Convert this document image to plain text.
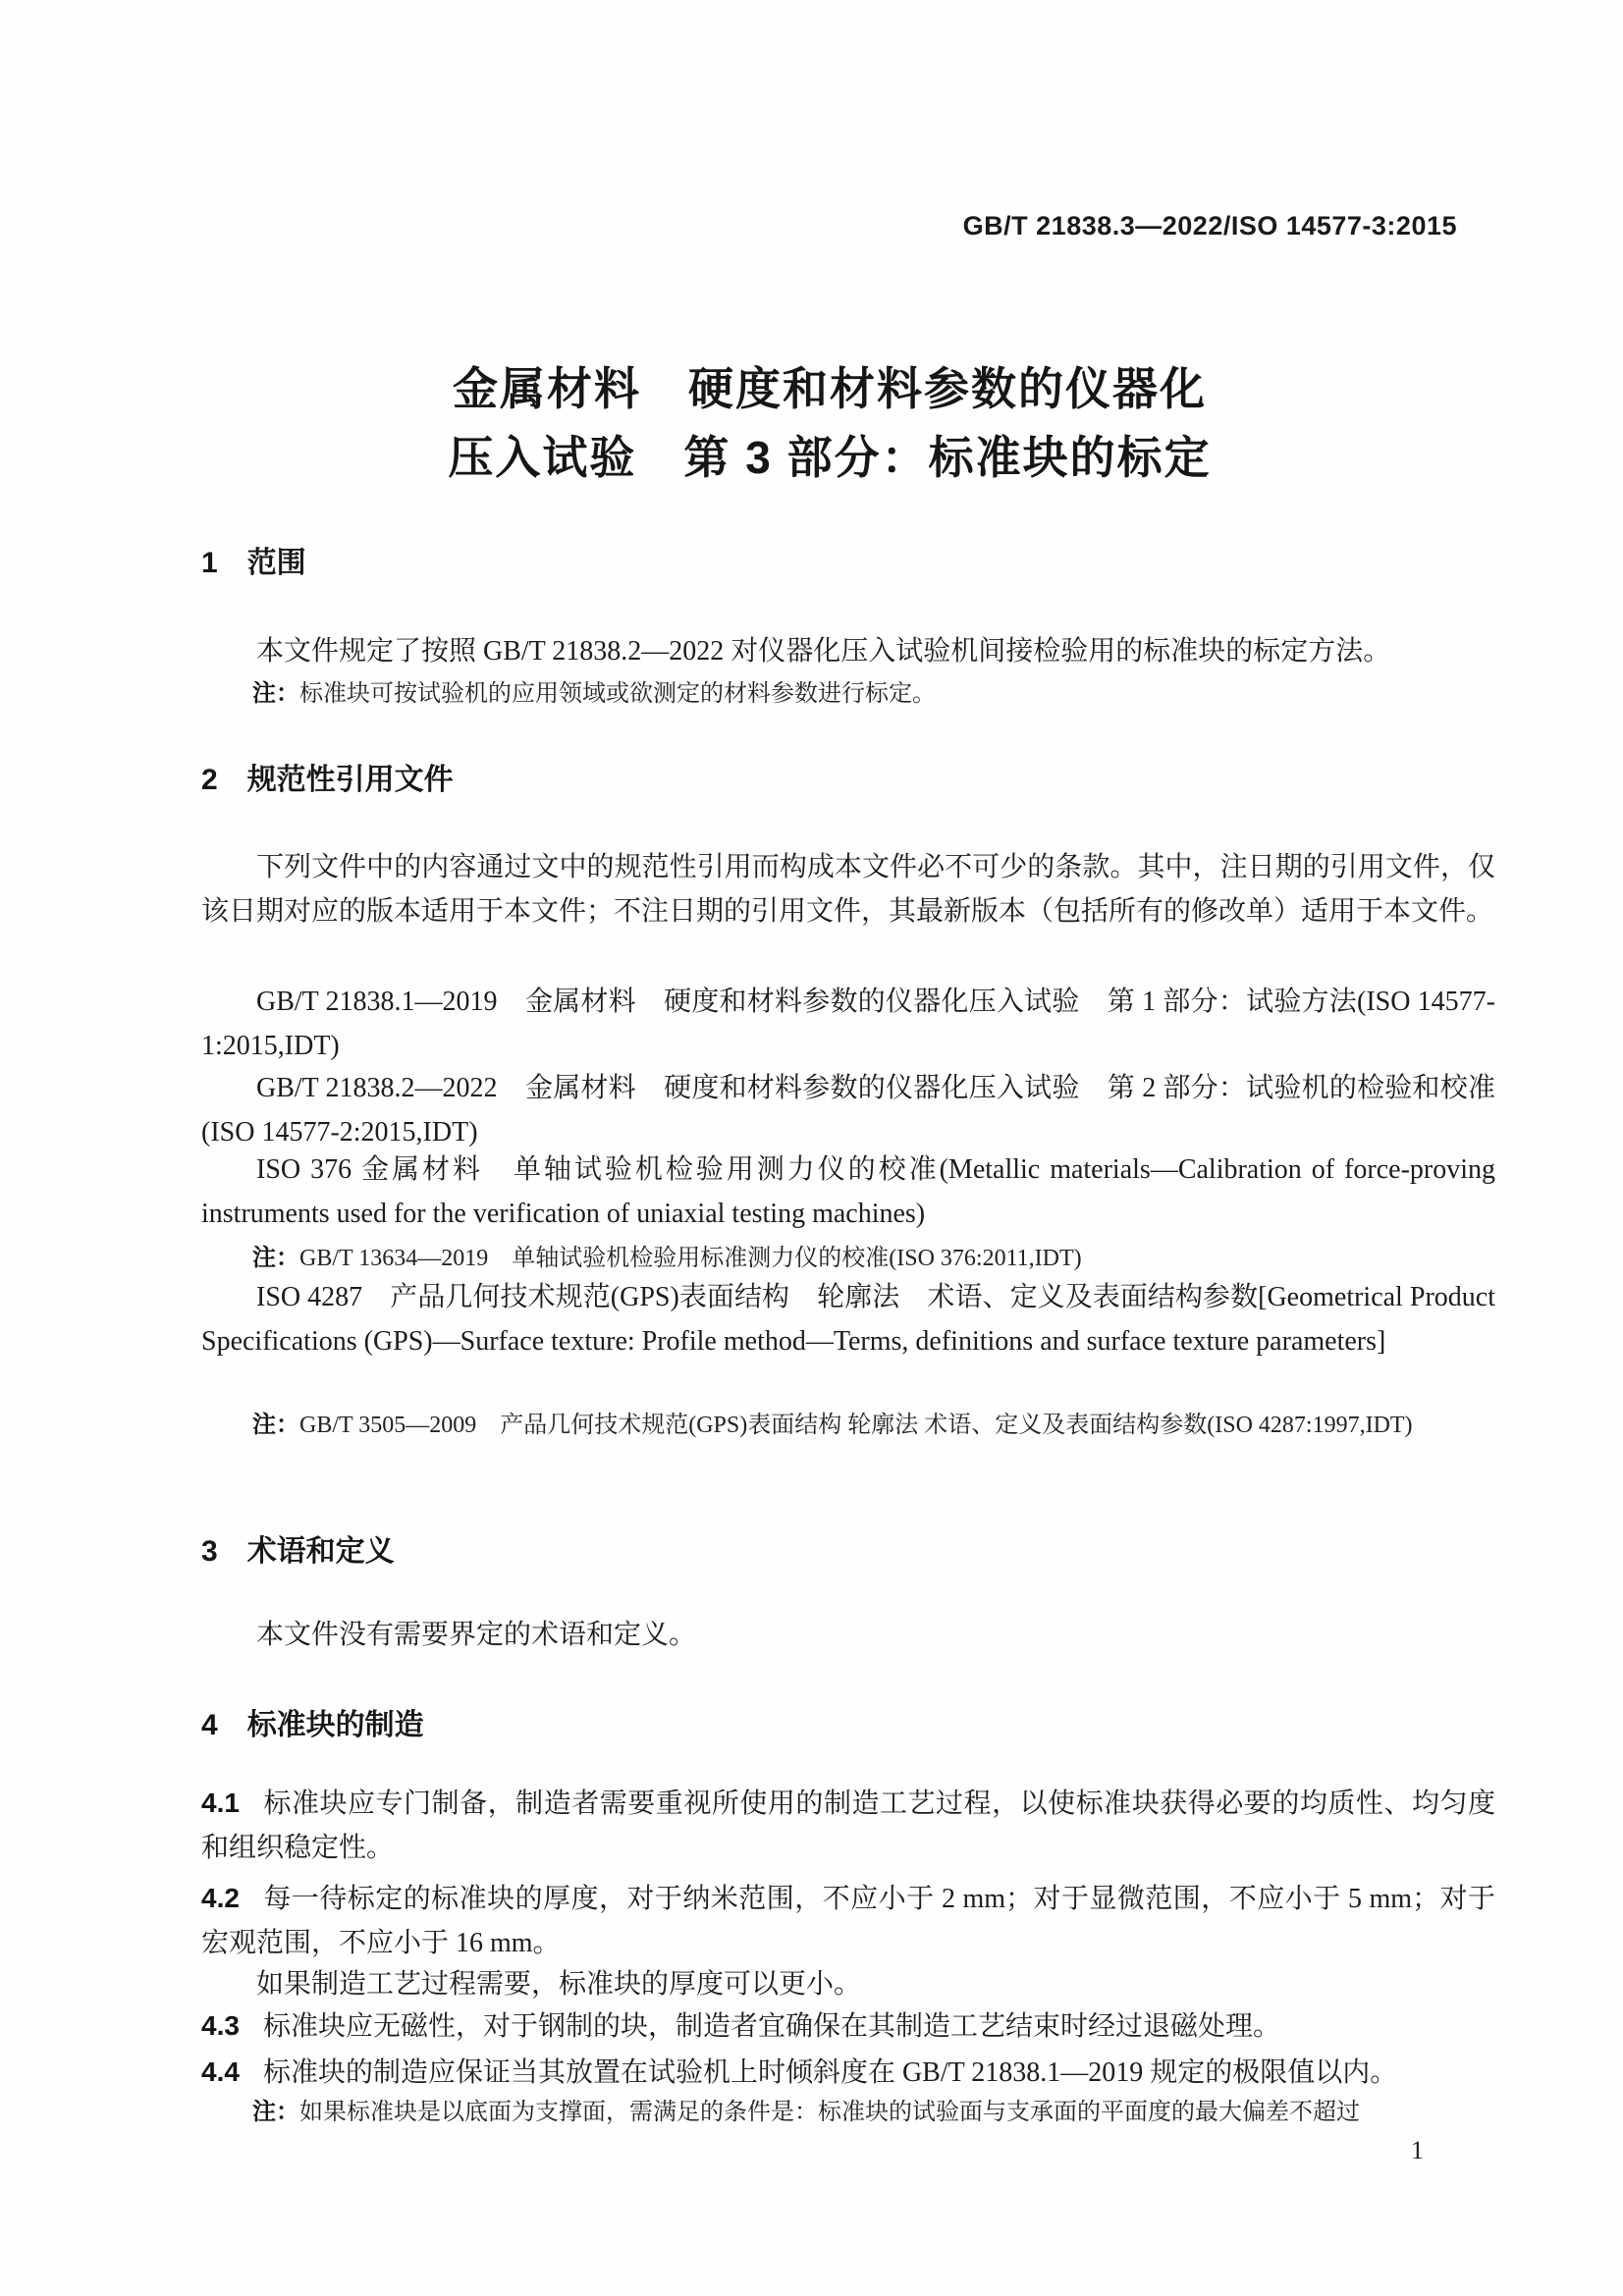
GB/T 21838.3—2022/ISO 14577-3:2015
金属材料　硬度和材料参数的仪器化
压入试验　第 3 部分：标准块的标定
1 范围

本文件规定了按照 GB/T 21838.2—2022 对仪器化压入试验机间接检验用的标准块的标定方法。

注：标准块可按试验机的应用领域或欲测定的材料参数进行标定。

2 规范性引用文件

下列文件中的内容通过文中的规范性引用而构成本文件必不可少的条款。其中，注日期的引用文件，仅该日期对应的版本适用于本文件；不注日期的引用文件，其最新版本（包括所有的修改单）适用于本文件。

GB/T 21838.1—2019　金属材料　硬度和材料参数的仪器化压入试验　第 1 部分：试验方法(ISO 14577-1:2015,IDT)

GB/T 21838.2—2022　金属材料　硬度和材料参数的仪器化压入试验　第 2 部分：试验机的检验和校准(ISO 14577-2:2015,IDT)

ISO 376 金属材料　单轴试验机检验用测力仪的校准(Metallic materials—Calibration of force-proving instruments used for the verification of uniaxial testing machines)

注：GB/T 13634—2019　单轴试验机检验用标准测力仪的校准(ISO 376:2011,IDT)

ISO 4287　产品几何技术规范(GPS)表面结构　轮廓法　术语、定义及表面结构参数[Geometrical Product Specifications (GPS)—Surface texture: Profile method—Terms, definitions and surface texture parameters]

注：GB/T 3505—2009　产品几何技术规范(GPS)表面结构 轮廓法 术语、定义及表面结构参数(ISO 4287:1997,IDT)

3 术语和定义

本文件没有需要界定的术语和定义。

4 标准块的制造

4.1 标准块应专门制备，制造者需要重视所使用的制造工艺过程，以使标准块获得必要的均质性、均匀度和组织稳定性。

4.2 每一待标定的标准块的厚度，对于纳米范围，不应小于 2 mm；对于显微范围，不应小于 5 mm；对于宏观范围，不应小于 16 mm。

如果制造工艺过程需要，标准块的厚度可以更小。

4.3 标准块应无磁性，对于钢制的块，制造者宜确保在其制造工艺结束时经过退磁处理。

4.4 标准块的制造应保证当其放置在试验机上时倾斜度在 GB/T 21838.1—2019 规定的极限值以内。

注：如果标准块是以底面为支撑面，需满足的条件是：标准块的试验面与支承面的平面度的最大偏差不超过

1
